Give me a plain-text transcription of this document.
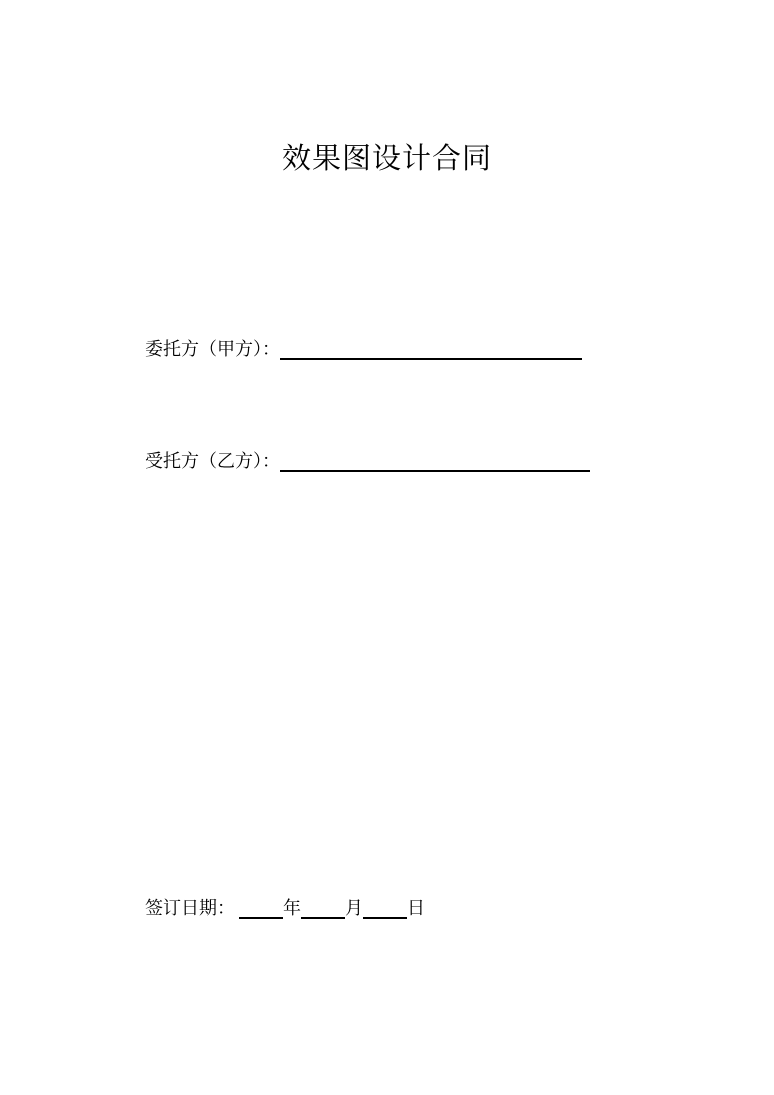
效果图设计合同
委托方（甲方）：
受托方（乙方）：
签订日期：	年 月 日
